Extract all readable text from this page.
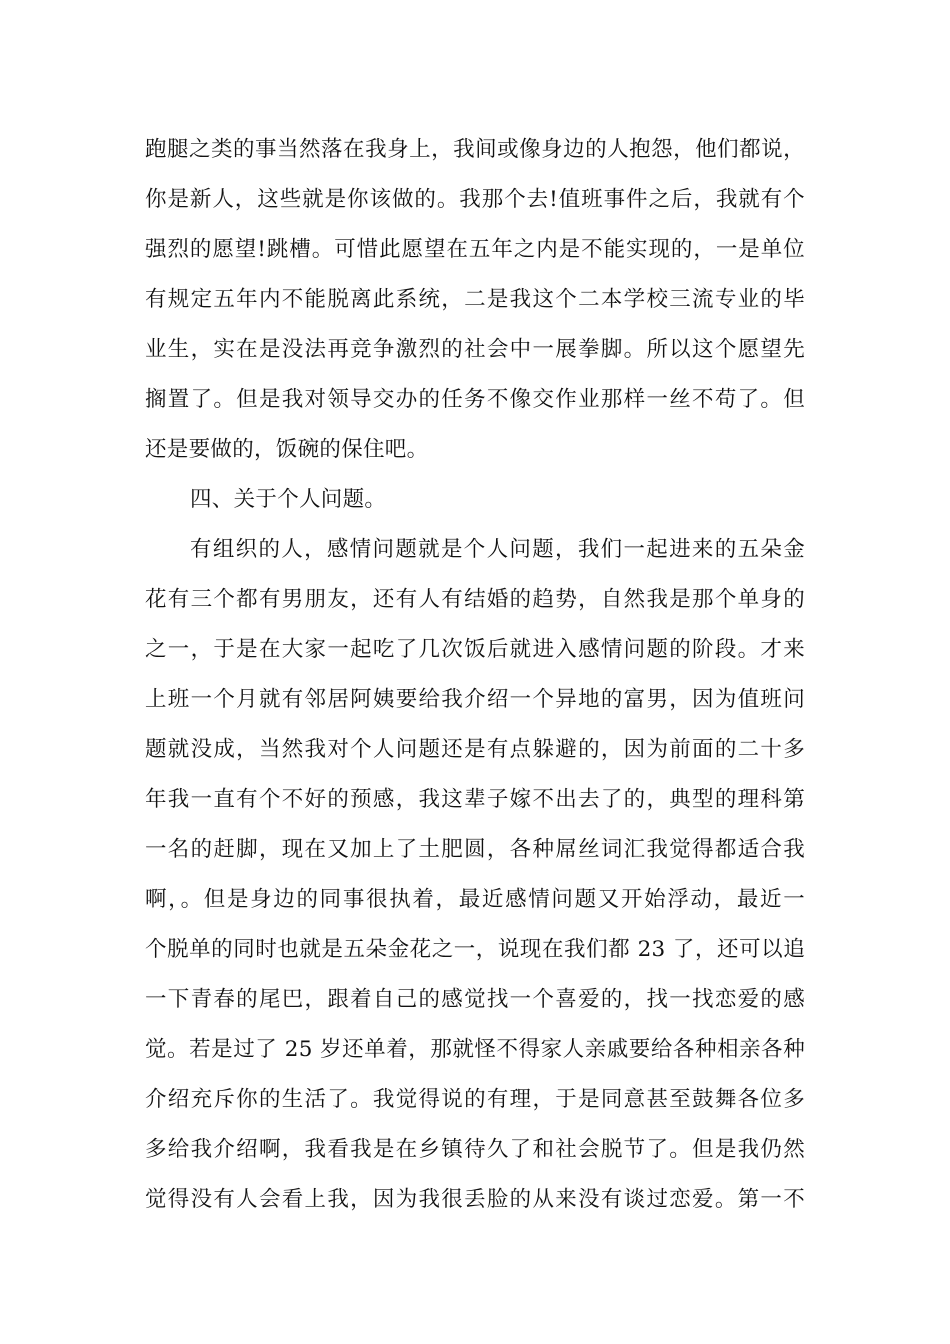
跑腿之类的事当然落在我身上，我间或像身边的人抱怨，他们都说，

你是新人，这些就是你该做的。我那个去!值班事件之后，我就有个

强烈的愿望!跳槽。可惜此愿望在五年之内是不能实现的，一是单位

有规定五年内不能脱离此系统，二是我这个二本学校三流专业的毕

业生，实在是没法再竞争激烈的社会中一展拳脚。所以这个愿望先

搁置了。但是我对领导交办的任务不像交作业那样一丝不苟了。但

还是要做的，饭碗的保住吧。

四、关于个人问题。

有组织的人，感情问题就是个人问题，我们一起进来的五朵金

花有三个都有男朋友，还有人有结婚的趋势，自然我是那个单身的

之一，于是在大家一起吃了几次饭后就进入感情问题的阶段。才来

上班一个月就有邻居阿姨要给我介绍一个异地的富男，因为值班问

题就没成，当然我对个人问题还是有点躲避的，因为前面的二十多

年我一直有个不好的预感，我这辈子嫁不出去了的，典型的理科第

一名的赶脚，现在又加上了土肥圆，各种屌丝词汇我觉得都适合我

啊，。但是身边的同事很执着，最近感情问题又开始浮动，最近一

个脱单的同时也就是五朵金花之一，说现在我们都 23 了，还可以追

一下青春的尾巴，跟着自己的感觉找一个喜爱的，找一找恋爱的感

觉。若是过了 25 岁还单着，那就怪不得家人亲戚要给各种相亲各种

介绍充斥你的生活了。我觉得说的有理，于是同意甚至鼓舞各位多

多给我介绍啊，我看我是在乡镇待久了和社会脱节了。但是我仍然

觉得没有人会看上我，因为我很丢脸的从来没有谈过恋爱。第一不
